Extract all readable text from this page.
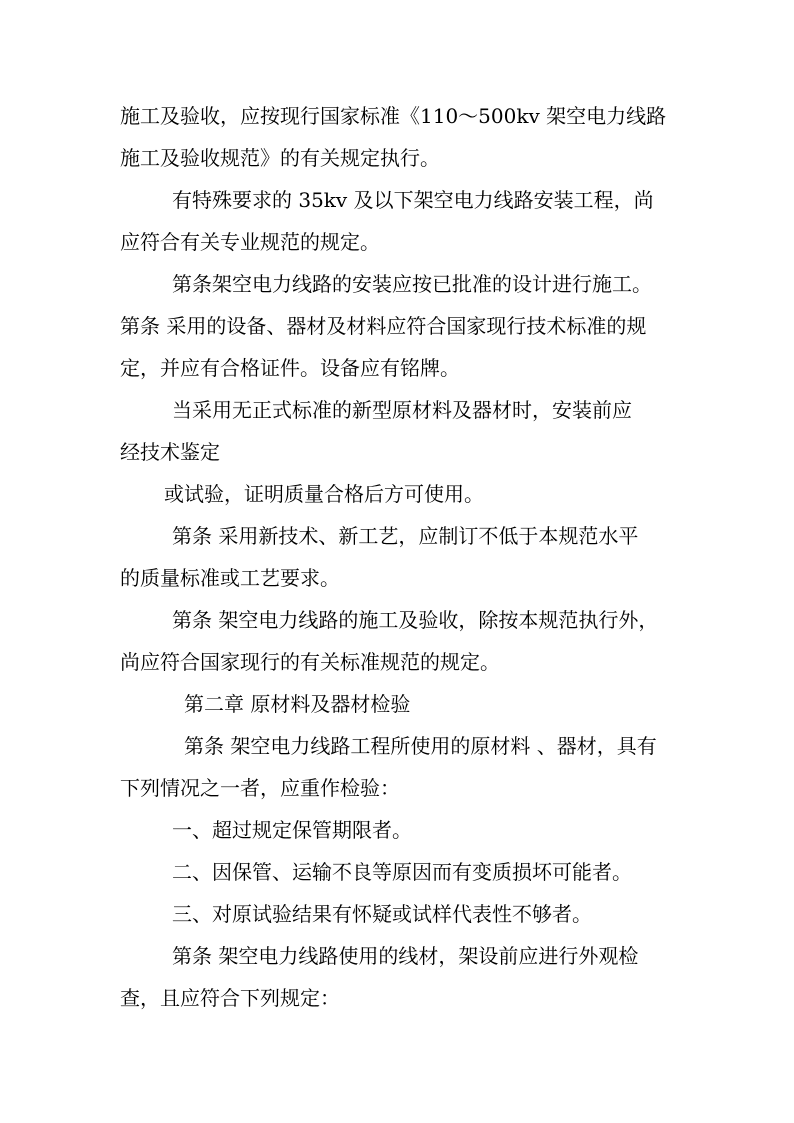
施工及验收，应按现行国家标准《110～500kv 架空电力线路
施工及验收规范》的有关规定执行。
有特殊要求的 35kv 及以下架空电力线路安装工程，尚
应符合有关专业规范的规定。
第条架空电力线路的安装应按已批准的设计进行施工。
第条 采用的设备、器材及材料应符合国家现行技术标准的规
定，并应有合格证件。设备应有铭牌。
当采用无正式标准的新型原材料及器材时，安装前应
经技术鉴定
或试验，证明质量合格后方可使用。
第条 采用新技术、新工艺，应制订不低于本规范水平
的质量标准或工艺要求。
第条 架空电力线路的施工及验收，除按本规范执行外，
尚应符合国家现行的有关标准规范的规定。
第二章 原材料及器材检验
第条 架空电力线路工程所使用的原材料 、器材，具有
下列情况之一者，应重作检验：
一、超过规定保管期限者。
二、因保管、运输不良等原因而有变质损坏可能者。
三、对原试验结果有怀疑或试样代表性不够者。
第条 架空电力线路使用的线材，架设前应进行外观检
查，且应符合下列规定：
